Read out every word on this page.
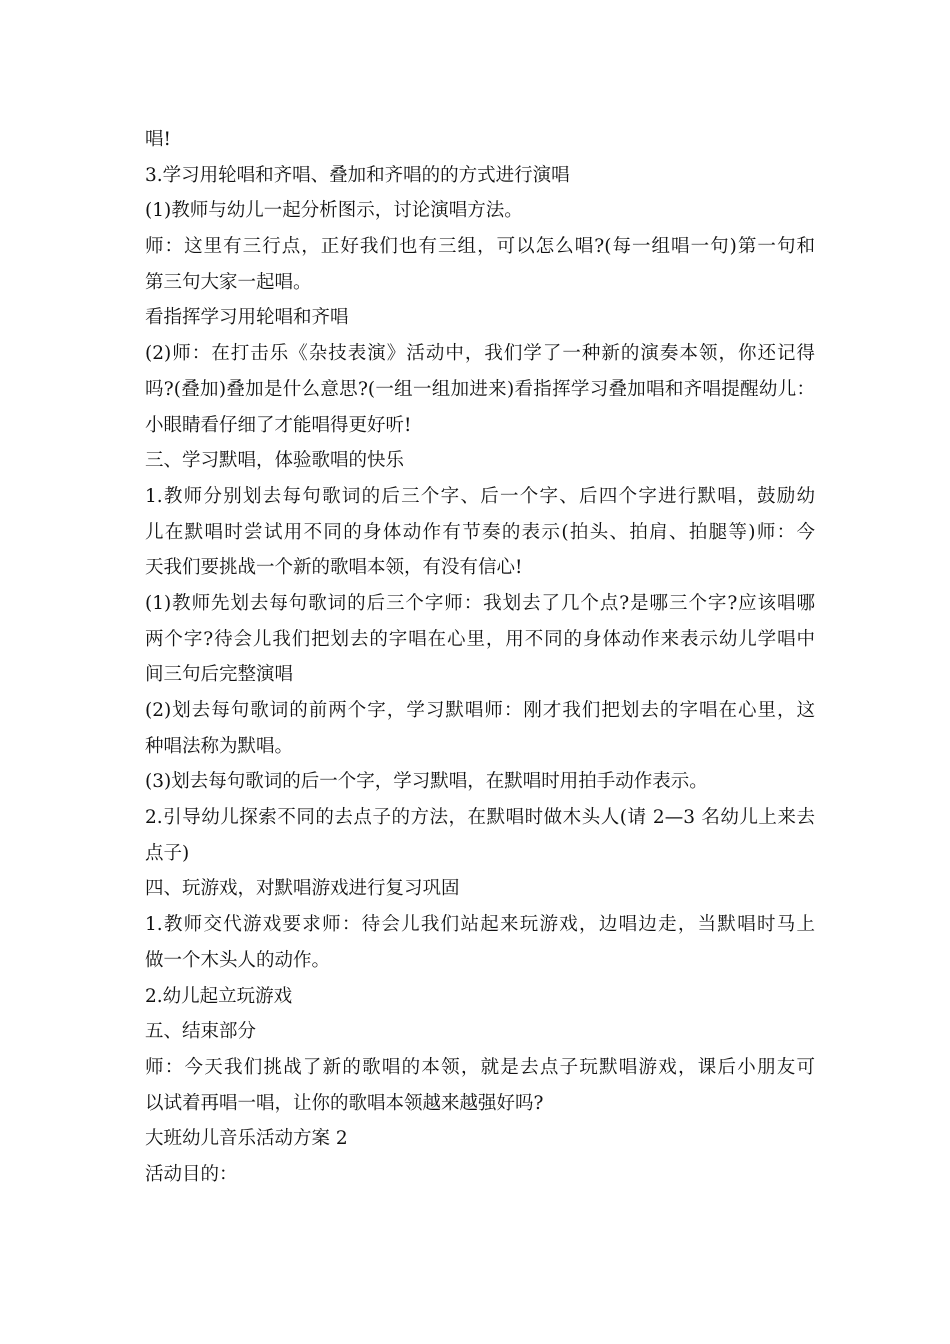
唱!
3.学习用轮唱和齐唱、叠加和齐唱的的方式进行演唱
(1)教师与幼儿一起分析图示，讨论演唱方法。
师：这里有三行点，正好我们也有三组，可以怎么唱?(每一组唱一句)第一句和
第三句大家一起唱。
看指挥学习用轮唱和齐唱
(2)师：在打击乐《杂技表演》活动中，我们学了一种新的演奏本领，你还记得
吗?(叠加)叠加是什么意思?(一组一组加进来)看指挥学习叠加唱和齐唱提醒幼儿：
小眼睛看仔细了才能唱得更好听!
三、学习默唱，体验歌唱的快乐
1.教师分别划去每句歌词的后三个字、后一个字、后四个字进行默唱，鼓励幼
儿在默唱时尝试用不同的身体动作有节奏的表示(拍头、拍肩、拍腿等)师：今
天我们要挑战一个新的歌唱本领，有没有信心!
(1)教师先划去每句歌词的后三个字师：我划去了几个点?是哪三个字?应该唱哪
两个字?待会儿我们把划去的字唱在心里，用不同的身体动作来表示幼儿学唱中
间三句后完整演唱
(2)划去每句歌词的前两个字，学习默唱师：刚才我们把划去的字唱在心里，这
种唱法称为默唱。
(3)划去每句歌词的后一个字，学习默唱，在默唱时用拍手动作表示。
2.引导幼儿探索不同的去点子的方法，在默唱时做木头人(请 2—3 名幼儿上来去
点子)
四、玩游戏，对默唱游戏进行复习巩固
1.教师交代游戏要求师：待会儿我们站起来玩游戏，边唱边走，当默唱时马上
做一个木头人的动作。
2.幼儿起立玩游戏
五、结束部分
师：今天我们挑战了新的歌唱的本领，就是去点子玩默唱游戏，课后小朋友可
以试着再唱一唱，让你的歌唱本领越来越强好吗?
大班幼儿音乐活动方案 2
活动目的：
